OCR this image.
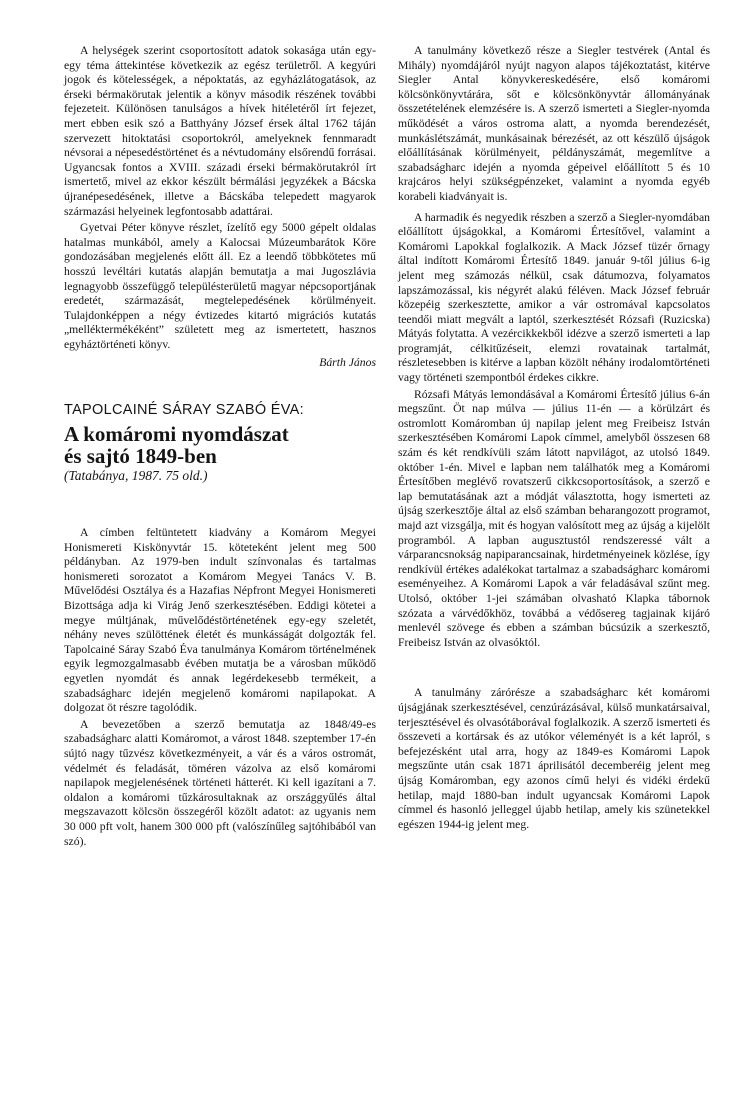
A helységek szerint csoportosított adatok sokasága után egy-egy téma áttekintése következik az egész területről. A kegyúri jogok és kötelességek, a népoktatás, az egyházlátogatások, az érseki bérmakörutak jelentik a könyv második részének további fejezeteit. Különösen tanulságos a hívek hitéletéről írt fejezet, mert ebben esik szó a Batthyány József érsek által 1762 táján szervezett hitoktatási csoportokról, amelyeknek fennmaradt névsorai a népesedéstörténet és a névtudomány elsőrendű forrásai. Ugyancsak fontos a XVIII. századi érseki bérmakörutakról írt ismertető, mivel az ekkor készült bérmálási jegyzékek a Bácska újranépesedésének, illetve a Bácskába telepedett magyarok származási helyeinek legfontosabb adattárai.

Gyetvai Péter könyve részlet, ízelítő egy 5000 gépelt oldalas hatalmas munkából, amely a Kalocsai Múzeumbarátok Köre gondozásában megjelenés előtt áll. Ez a leendő többkötetes mű hosszú levéltári kutatás alapján bemutatja a mai Jugoszlávia legnagyobb összefüggő településterületű magyar népcsoportjának eredetét, származását, megtelepedésének körülményeit. Tulajdonképpen a négy évtizedes kitartó migrációs kutatás „melléktermékéként” született meg az ismertetett, hasznos egyháztörténeti könyv.

Bárth János

TAPOLCAINÉ SÁRAY SZABÓ ÉVA:
A komáromi nyomdászat
és sajtó 1849-ben
(Tatabánya, 1987. 75 old.)

A címben feltüntetett kiadvány a Komárom Megyei Honismereti Kiskönyvtár 15. köteteként jelent meg 500 példányban. Az 1979-ben indult színvonalas és tartalmas honismereti sorozatot a Komárom Megyei Tanács V. B. Művelődési Osztálya és a Hazafias Népfront Megyei Honismereti Bizottsága adja ki Virág Jenő szerkesztésében. Eddigi kötetei a megye múltjának, művelődéstörténetének egy-egy szeletét, néhány neves szülöttének életét és munkásságát dolgozták fel. Tapolcainé Sáray Szabó Éva tanulmánya Komárom történelmének egyik legmozgalmasabb évében mutatja be a városban működő egyetlen nyomdát és annak legérdekesebb termékeit, a szabadságharc idején megjelenő komáromi napilapokat. A dolgozat öt részre tagolódik.

A bevezetőben a szerző bemutatja az 1848/49-es szabadságharc alatti Komáromot, a várost 1848. szeptember 17-én sújtó nagy tűzvész következményeit, a vár és a város ostromát, védelmét és feladását, töméren vázolva az első komáromi napilapok megjelenésének történeti hátterét. Ki kell igazítani a 7. oldalon a komáromi tűzkárosultaknak az országgyűlés által megszavazott kölcsön összegéről közölt adatot: az ugyanis nem 30 000 pft volt, hanem 300 000 pft (valószínűleg sajtóhibából van szó).

A tanulmány következő része a Siegler testvérek (Antal és Mihály) nyomdájáról nyújt nagyon alapos tájékoztatást, kitérve Siegler Antal könyvkereskedésére, első komáromi kölcsönkönyvtárára, sőt e kölcsönkönyvtár állományának összetételének elemzésére is. A szerző ismerteti a Siegler-nyomda működését a város ostroma alatt, a nyomda berendezését, munkáslétszámát, munkásainak bérezését, az ott készülő újságok előállításának körülményeit, példányszámát, megemlítve a szabadságharc idején a nyomda gépeivel előállított 5 és 10 krajcáros helyi szükségpénzeket, valamint a nyomda egyéb korabeli kiadványait is.

A harmadik és negyedik részben a szerző a Siegler-nyomdában előállított újságokkal, a Komáromi Értesítővel, valamint a Komáromi Lapokkal foglalkozik. A Mack József tüzér őrnagy által indított Komáromi Értesítő 1849. január 9-től július 6-ig jelent meg számozás nélkül, csak dátumozva, folyamatos lapszámozással, kis négyrét alakú féléven. Mack József február közepéig szerkesztette, amikor a vár ostromával kapcsolatos teendői miatt megvált a laptól, szerkesztését Rózsafi (Ruzicska) Mátyás folytatta. A vezércikkekből idézve a szerző ismerteti a lap programját, célkitűzéseit, elemzi rovatainak tartalmát, részletesebben is kitérve a lapban közölt néhány irodalomtörténeti vagy történeti szempontból érdekes cikkre.

Rózsafi Mátyás lemondásával a Komáromi Értesítő július 6-án megszűnt. Öt nap múlva — július 11-én — a körülzárt és ostromlott Komáromban új napilap jelent meg Freibeisz István szerkesztésében Komáromi Lapok címmel, amelyből összesen 68 szám és két rendkívüli szám látott napvilágot, az utolsó 1849. október 1-én. Mivel e lapban nem találhatók meg a Komáromi Értesítőben meglévő rovatszerű cikkcsoportosítások, a szerző e lap bemutatásának azt a módját választotta, hogy ismerteti az újság szerkesztője által az első számban beharangozott programot, majd azt vizsgálja, mit és hogyan valósított meg az újság a kijelölt programból. A lapban augusztustól rendszeressé vált a várparancsnokság napiparancsainak, hirdetményeinek közlése, így rendkívül értékes adalékokat tartalmaz a szabadságharc komáromi eseményeihez. A Komáromi Lapok a vár feladásával szűnt meg. Utolsó, október 1-jei számában olvasható Klapka tábornok szózata a várvédőkhöz, továbbá a védősereg tagjainak kijáró menlevél szövege és ebben a számban búcsúzik a szerkesztő, Freibeisz István az olvasóktól.

A tanulmány zárórésze a szabadságharc két komáromi újságjának szerkesztésével, cenzúrázásával, külső munkatársaival, terjesztésével és olvasótáborával foglalkozik. A szerző ismerteti és összeveti a kortársak és az utókor véleményét is a két lapról, s befejezésként utal arra, hogy az 1849-es Komáromi Lapok megszűnte után csak 1871 áprilisától decemberéig jelent meg újság Komáromban, egy azonos című helyi és vidéki érdekű hetilap, majd 1880-ban indult ugyancsak Komáromi Lapok címmel és hasonló jelleggel újabb hetilap, amely kis szünetekkel egészen 1944-ig jelent meg.
